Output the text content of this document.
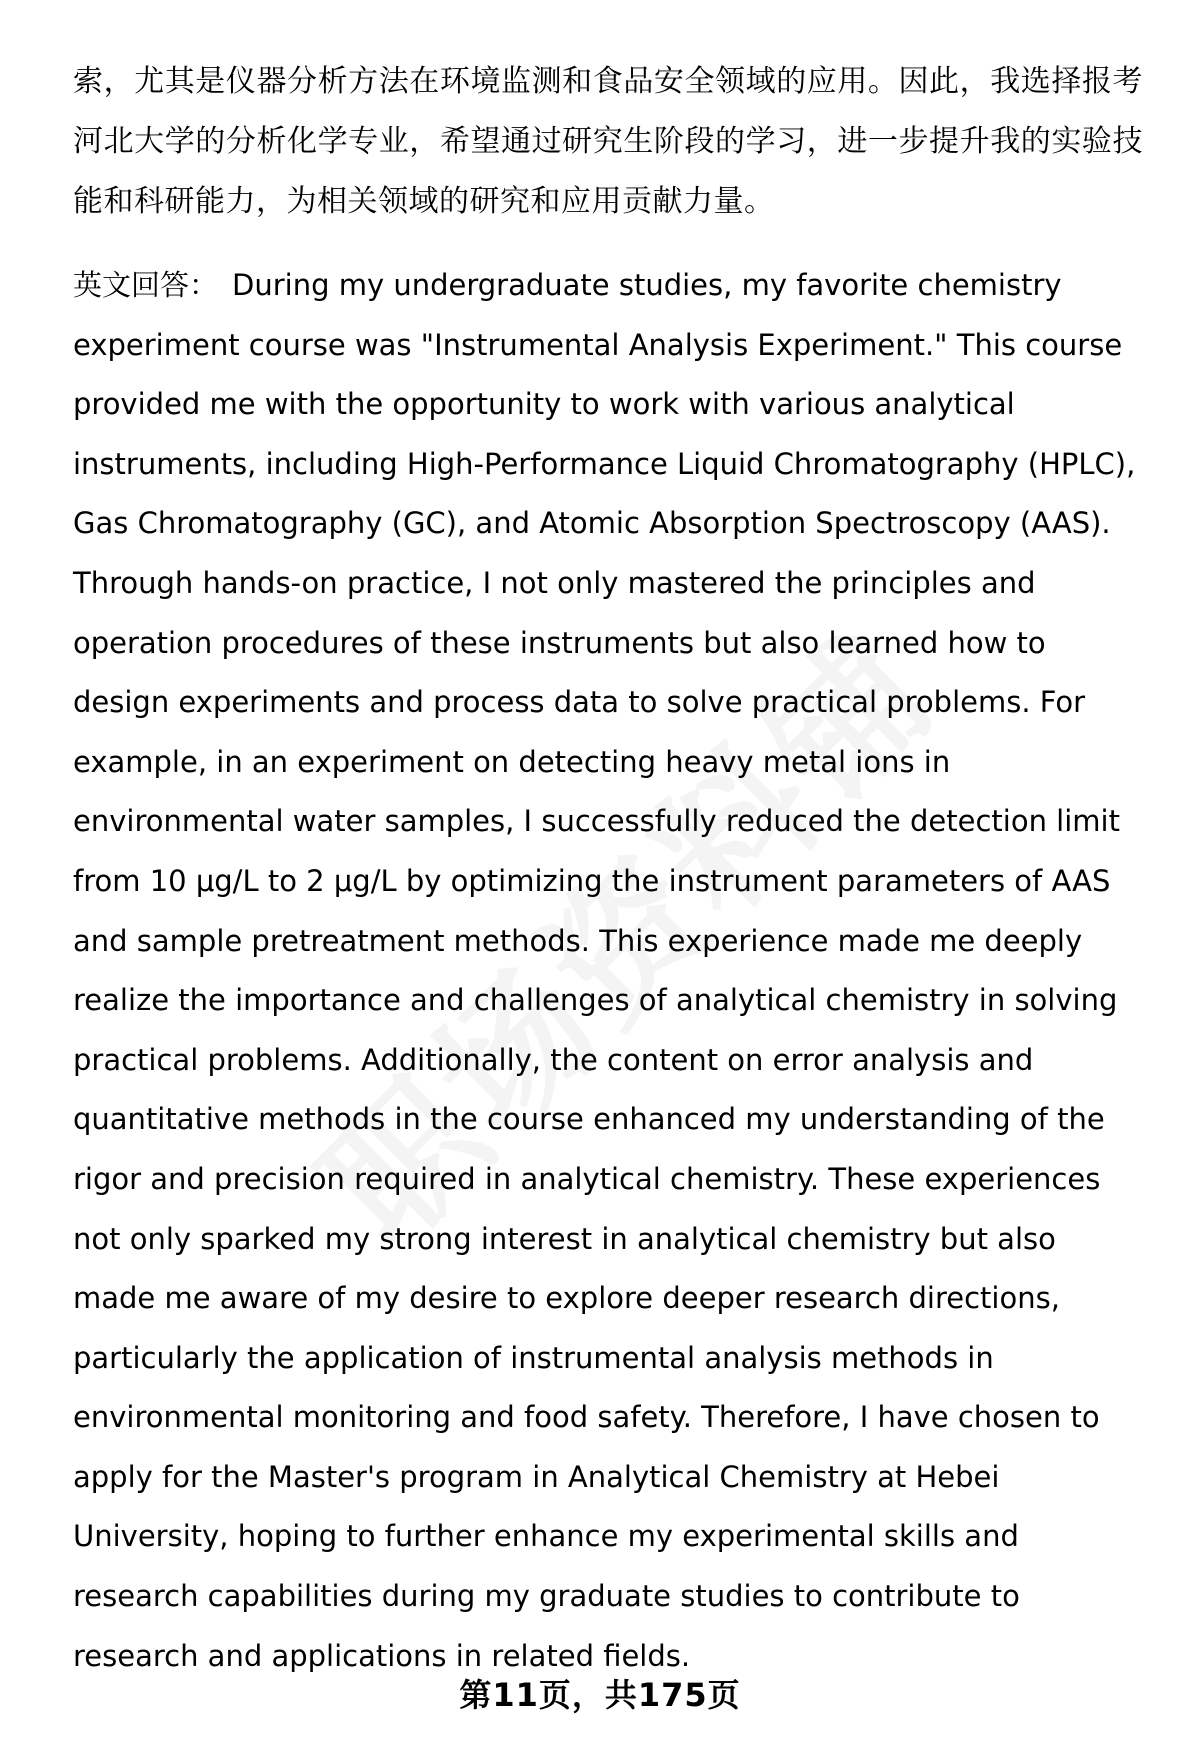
索，尤其是仪器分析方法在环境监测和食品安全领域的应用。因此，我选择报考河北大学的分析化学专业，希望通过研究生阶段的学习，进一步提升我的实验技能和科研能力，为相关领域的研究和应用贡献力量。

英文回答： During my undergraduate studies, my favorite chemistry experiment course was "Instrumental Analysis Experiment." This course provided me with the opportunity to work with various analytical instruments, including High-Performance Liquid Chromatography (HPLC), Gas Chromatography (GC), and Atomic Absorption Spectroscopy (AAS). Through hands-on practice, I not only mastered the principles and operation procedures of these instruments but also learned how to design experiments and process data to solve practical problems. For example, in an experiment on detecting heavy metal ions in environmental water samples, I successfully reduced the detection limit from 10 μg/L to 2 μg/L by optimizing the instrument parameters of AAS and sample pretreatment methods. This experience made me deeply realize the importance and challenges of analytical chemistry in solving practical problems. Additionally, the content on error analysis and quantitative methods in the course enhanced my understanding of the rigor and precision required in analytical chemistry. These experiences not only sparked my strong interest in analytical chemistry but also made me aware of my desire to explore deeper research directions, particularly the application of instrumental analysis methods in environmental monitoring and food safety. Therefore, I have chosen to apply for the Master's program in Analytical Chemistry at Hebei University, hoping to further enhance my experimental skills and research capabilities during my graduate studies to contribute to research and applications in related fields.

第11页，共175页
